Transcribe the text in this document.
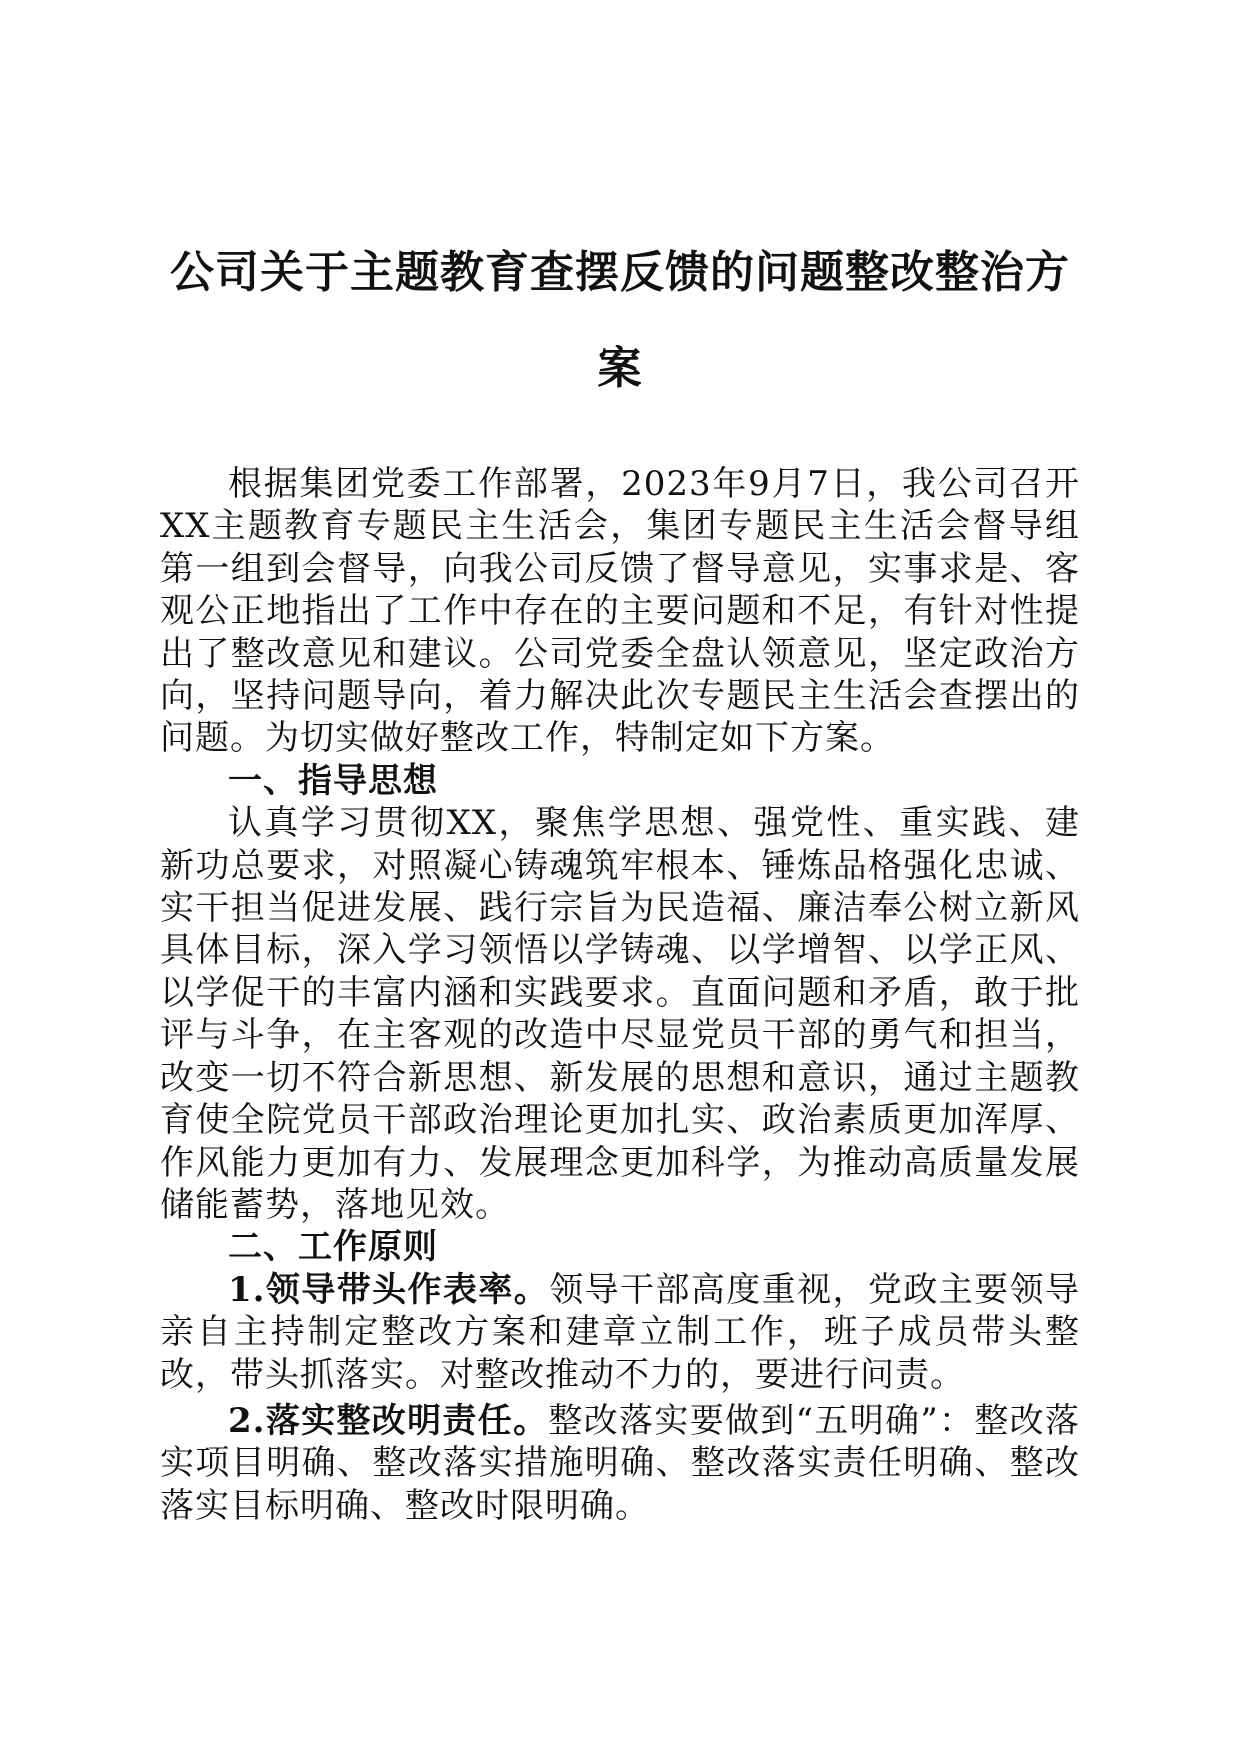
公司关于主题教育查摆反馈的问题整改整治方案

根据集团党委工作部署，2023年9月7日，我公司召开XX主题教育专题民主生活会，集团专题民主生活会督导组第一组到会督导，向我公司反馈了督导意见，实事求是、客观公正地指出了工作中存在的主要问题和不足，有针对性提出了整改意见和建议。公司党委全盘认领意见，坚定政治方向，坚持问题导向，着力解决此次专题民主生活会查摆出的问题。为切实做好整改工作，特制定如下方案。

一、指导思想

认真学习贯彻XX，聚焦学思想、强党性、重实践、建新功总要求，对照凝心铸魂筑牢根本、锤炼品格强化忠诚、实干担当促进发展、践行宗旨为民造福、廉洁奉公树立新风具体目标，深入学习领悟以学铸魂、以学增智、以学正风、以学促干的丰富内涵和实践要求。直面问题和矛盾，敢于批评与斗争，在主客观的改造中尽显党员干部的勇气和担当，改变一切不符合新思想、新发展的思想和意识，通过主题教育使全院党员干部政治理论更加扎实、政治素质更加浑厚、作风能力更加有力、发展理念更加科学，为推动高质量发展储能蓄势，落地见效。

二、工作原则

1.领导带头作表率。领导干部高度重视，党政主要领导亲自主持制定整改方案和建章立制工作，班子成员带头整改，带头抓落实。对整改推动不力的，要进行问责。

2.落实整改明责任。整改落实要做到“五明确”：整改落实项目明确、整改落实措施明确、整改落实责任明确、整改落实目标明确、整改时限明确。
